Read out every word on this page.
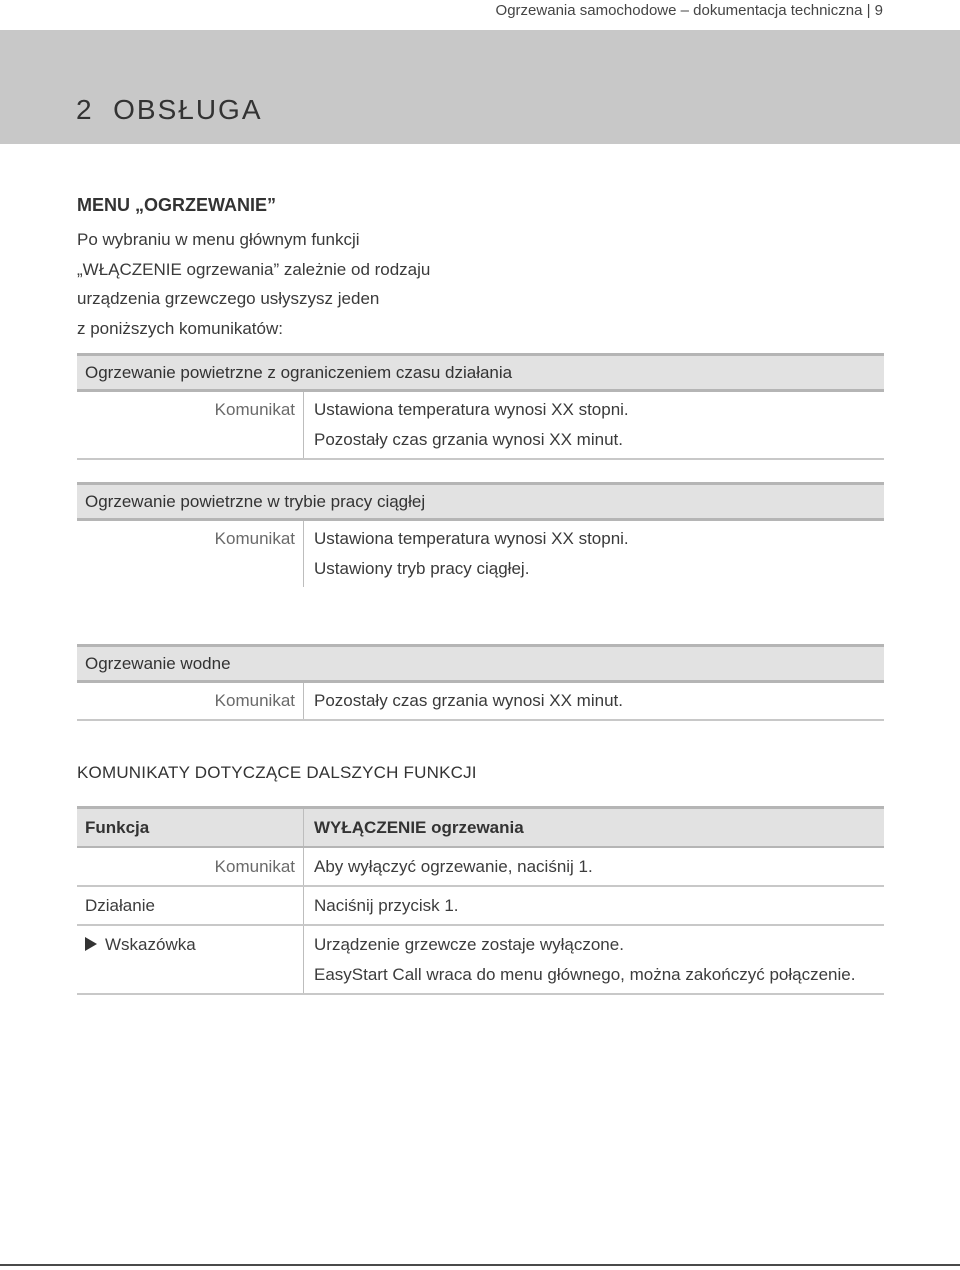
Ogrzewania samochodowe – dokumentacja techniczna | 9
2  OBSŁUGA
MENU „OGRZEWANIE”
Po wybraniu w menu głównym funkcji
„WŁĄCZENIE ogrzewania” zależnie od rodzaju
urządzenia grzewczego usłyszysz jeden
z poniższych komunikatów:
Ogrzewanie powietrzne z ograniczeniem czasu działania
Komunikat	Ustawiona temperatura wynosi XX stopni.
Pozostały czas grzania wynosi XX minut.
Ogrzewanie powietrzne w trybie pracy ciągłej
Komunikat	Ustawiona temperatura wynosi XX stopni.
Ustawiony tryb pracy ciągłej.
Ogrzewanie wodne
Komunikat	Pozostały czas grzania wynosi XX minut.
KOMUNIKATY DOTYCZĄCE DALSZYCH FUNKCJI
Funkcja	WYŁĄCZENIE ogrzewania
Komunikat	Aby wyłączyć ogrzewanie, naciśnij 1.
Działanie	Naciśnij przycisk 1.
Wskazówka	Urządzenie grzewcze zostaje wyłączone.
EasyStart Call wraca do menu głównego, można zakończyć połączenie.
